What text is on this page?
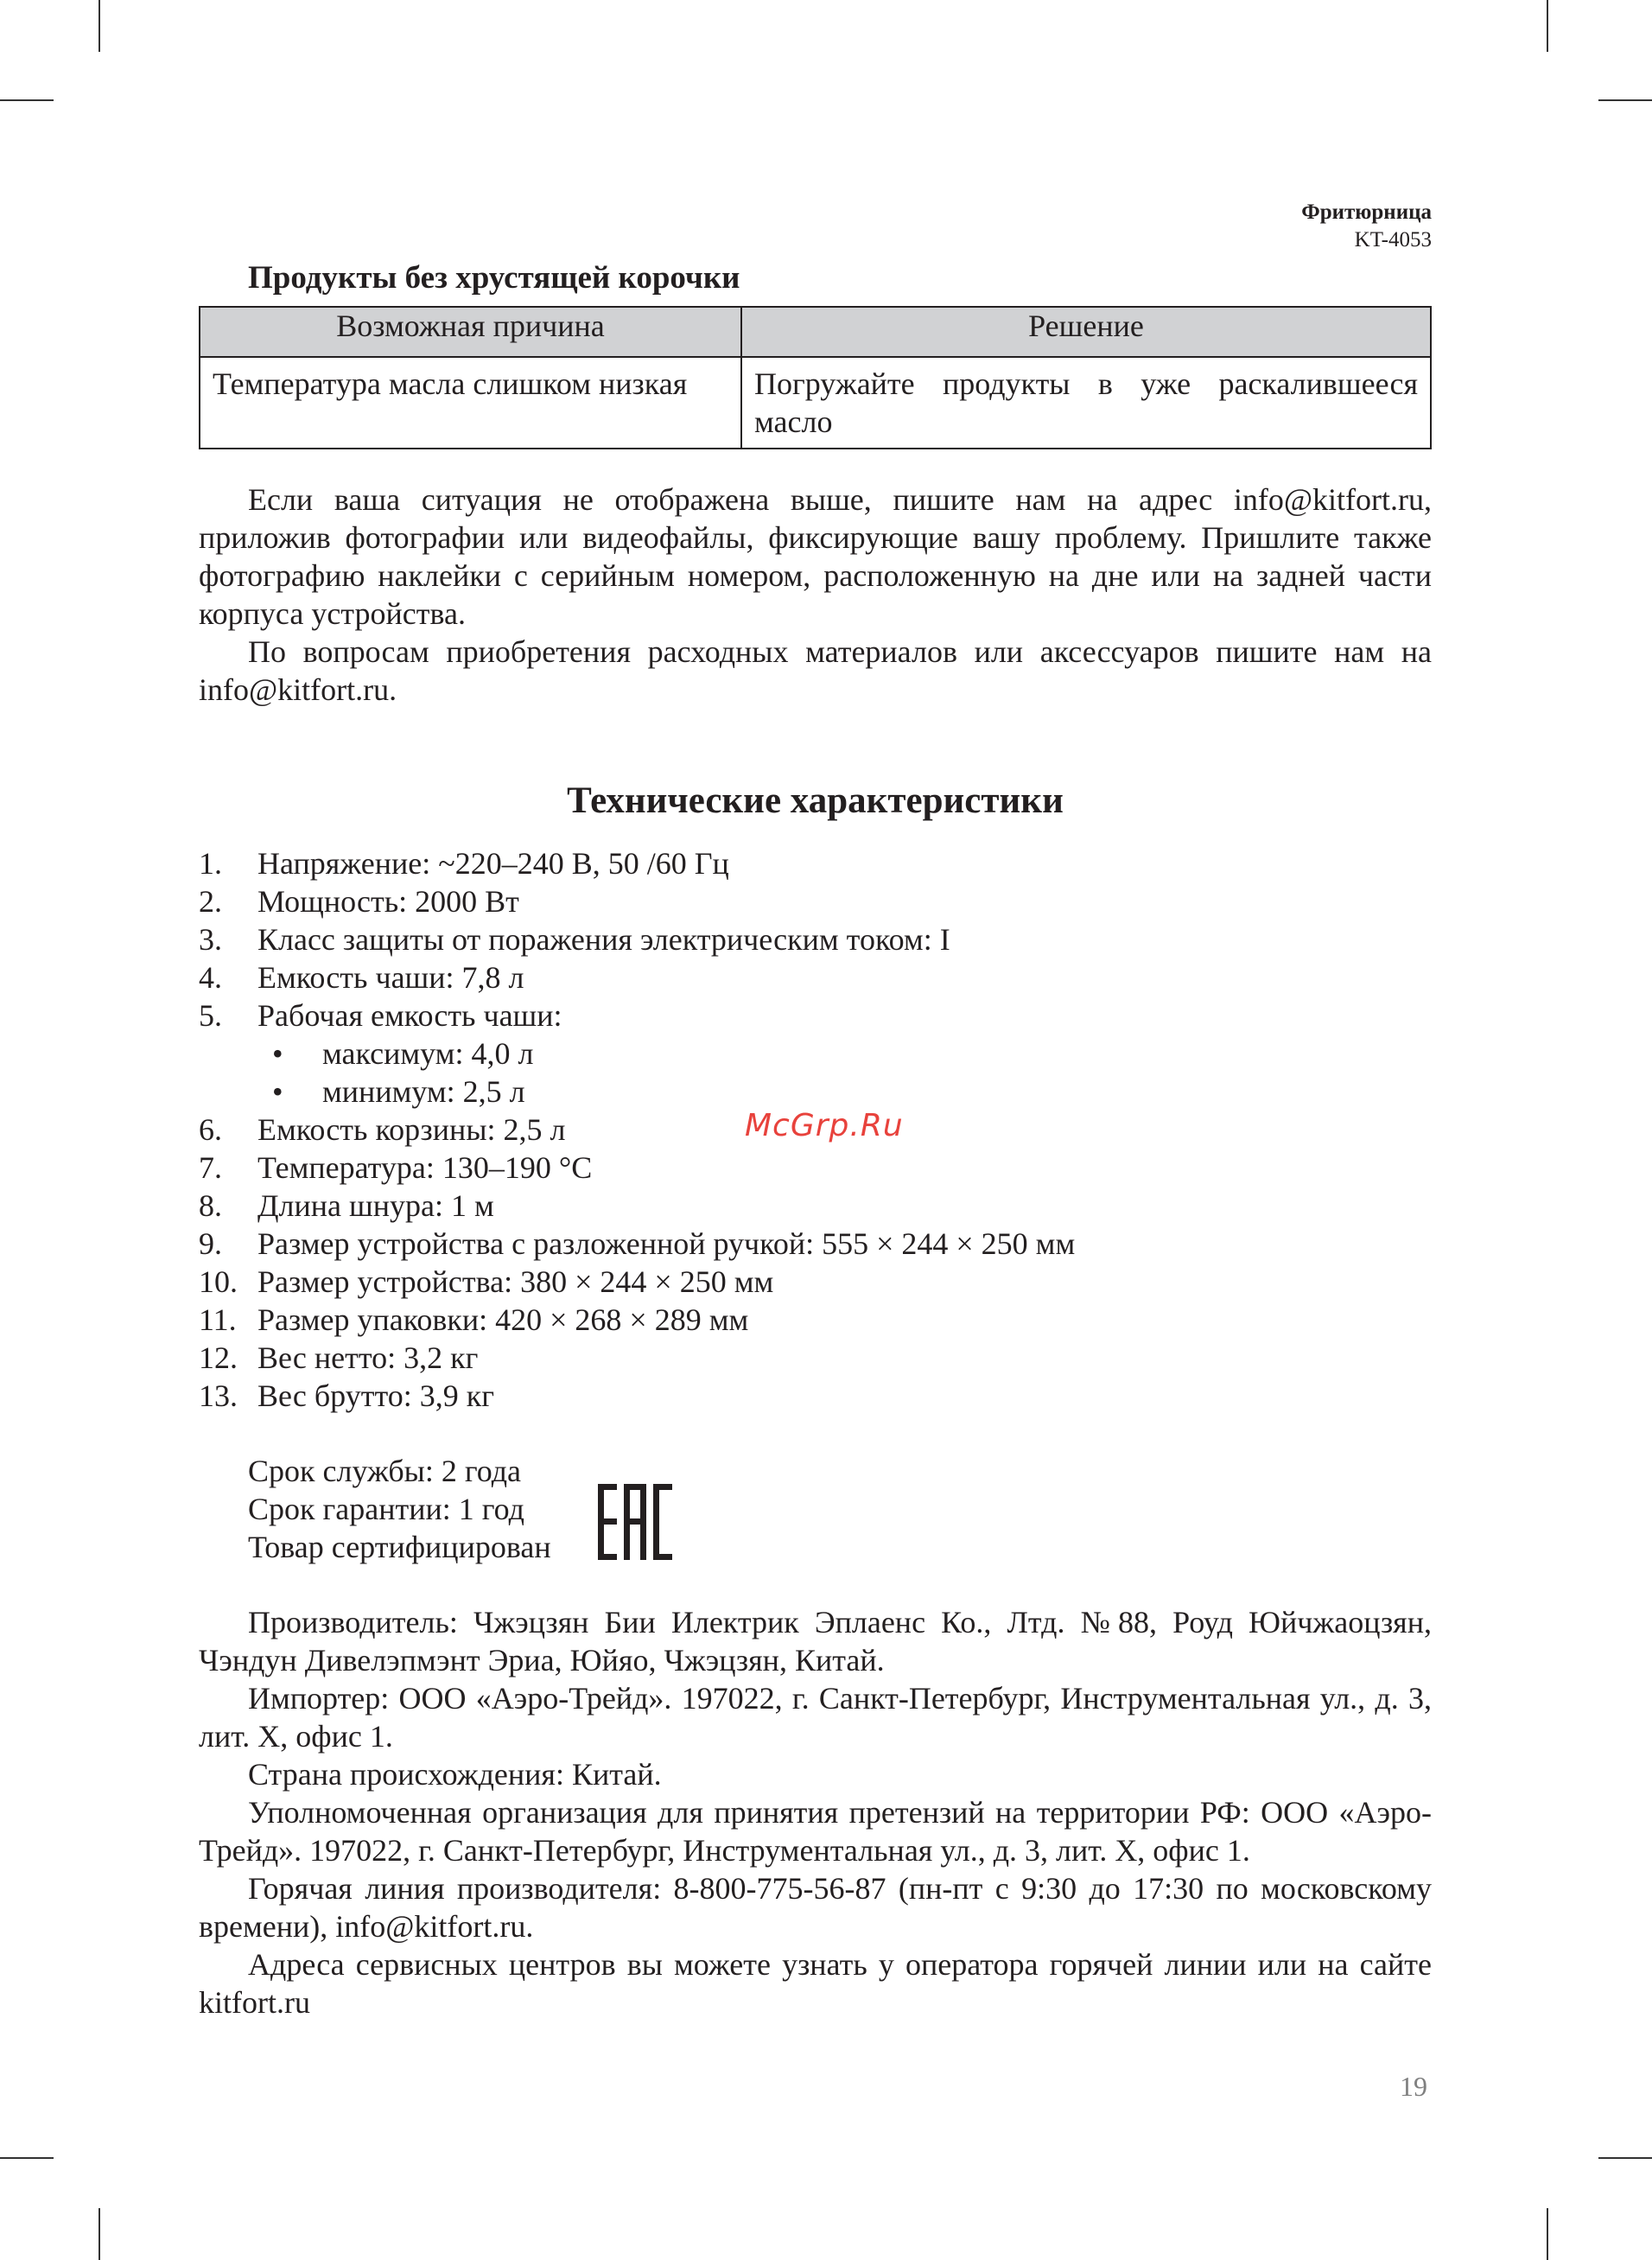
Фритюрница
KT-4053
Продукты без хрустящей корочки
Возможная причина	Решение
Температура масла слишком низкая	Погружайте продукты в уже раскалившееся масло

Если ваша ситуация не отображена выше, пишите нам на адрес info@kitfort.ru, приложив фотографии или видеофайлы, фиксирующие вашу проблему. Пришлите также фотографию наклейки с серийным номером, расположенную на дне или на задней части корпуса устройства.

По вопросам приобретения расходных материалов или аксессуаров пишите нам на info@kitfort.ru.

Технические характеристики
1.	Напряжение: ~220–240 В, 50 /60 Гц
2.	Мощность: 2000 Вт
3.	Класс защиты от поражения электрическим током: I
4.	Емкость чаши: 7,8 л
5.	Рабочая емкость чаши:
•	максимум: 4,0 л
•	минимум: 2,5 л
6.	Емкость корзины: 2,5 л
7.	Температура: 130–190 °C
8.	Длина шнура: 1 м
9.	Размер устройства с разложенной ручкой: 555 × 244 × 250 мм
10. Размер устройства: 380 × 244 × 250 мм
11. Размер упаковки: 420 × 268 × 289 мм
12. Вес нетто: 3,2 кг
13. Вес брутто: 3,9 кг
McGrp.Ru
Срок службы: 2 года
Срок гарантии: 1 год
Товар сертифицирован

Производитель: Чжэцзян Бии Илектрик Эплаенс Ко., Лтд. №88, Роуд Юйчжаоцзян, Чэндун Дивелэпмэнт Эриа, Юйяо, Чжэцзян, Китай.

Импортер: ООО «Аэро-Трейд». 197022, г. Санкт-Петербург, Инструментальная ул., д. 3, лит. Х, офис 1.

Страна происхождения: Китай.

Уполномоченная организация для принятия претензий на территории РФ: ООО «Аэро-Трейд». 197022, г. Санкт-Петербург, Инструментальная ул., д. 3, лит. Х, офис 1.

Горячая линия производителя: 8-800-775-56-87 (пн-пт с 9:30 до 17:30 по московскому времени), info@kitfort.ru.

Адреса сервисных центров вы можете узнать у оператора горячей линии или на сайте kitfort.ru

19
